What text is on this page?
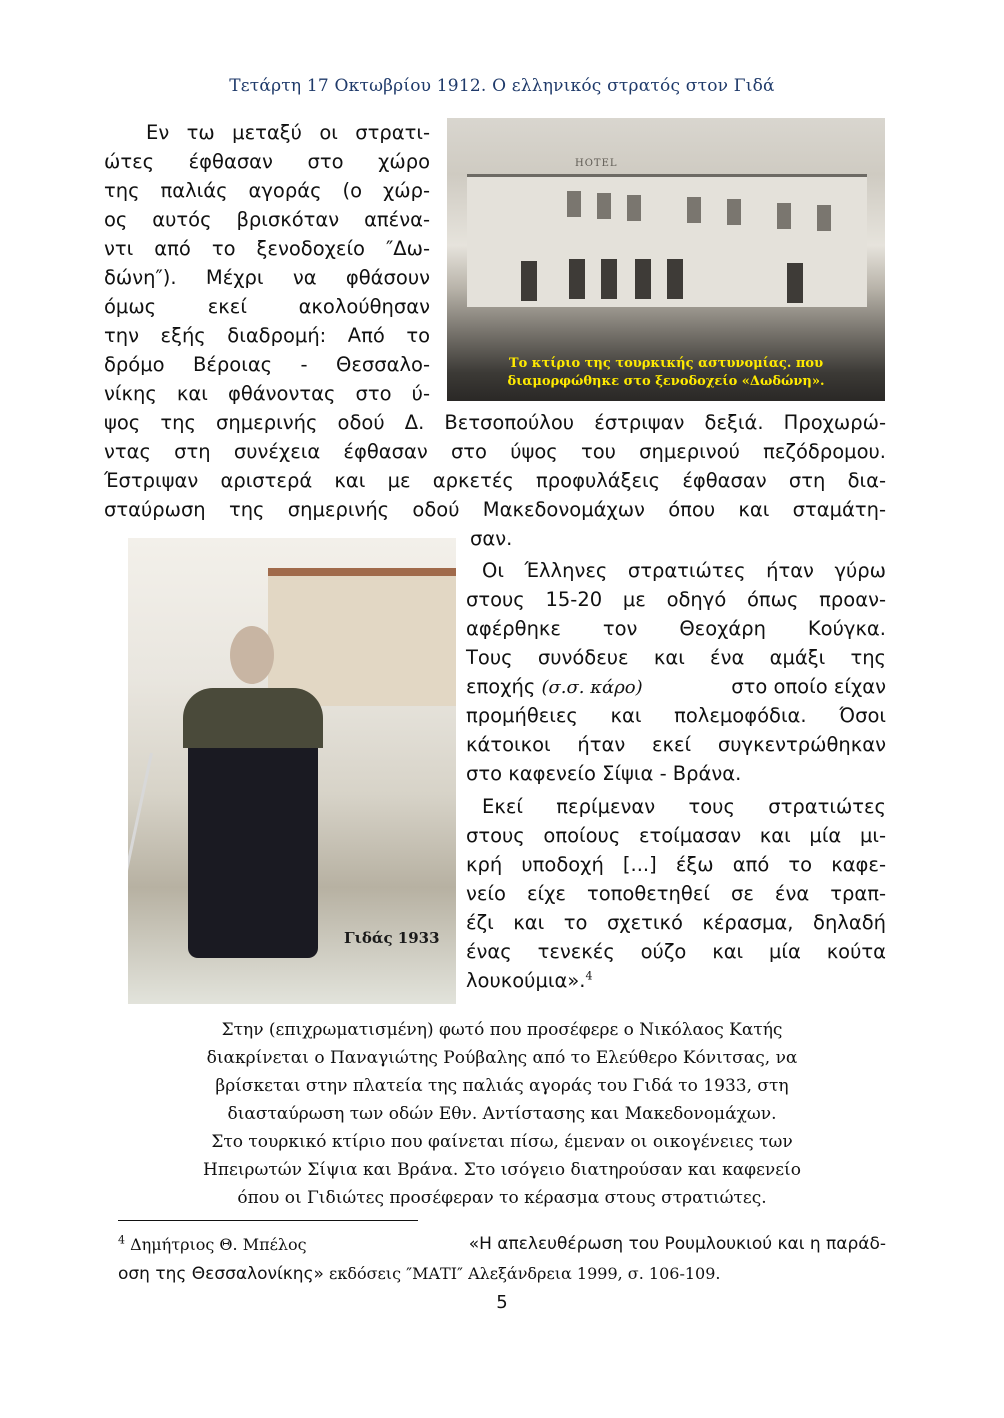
Τετάρτη 17 Οκτωβρίου 1912. Ο ελληνικός στρατός στον Γιδά
Εν τω μεταξύ οι στρατι-
ώτες έφθασαν στο χώρο
της παλιάς αγοράς (ο χώρ-
ος αυτός βρισκόταν απένα-
ντι από το ξενοδοχείο ″Δω-
δώνη″). Μέχρι να φθάσουν
όμως εκεί ακολούθησαν
την εξής διαδρομή: Από το
δρόμο Βέροιας - Θεσσαλο-
νίκης και φθάνοντας στο ύ-
HOTEL
Το κτίριο της τουρκικής αστυνομίας. που
διαμορφώθηκε στο ξενοδοχείο «Δωδώνη».
ψος της σημερινής οδού Δ. Βετσοπούλου έστριψαν δεξιά. Προχωρώ-
ντας στη συνέχεια έφθασαν στο ύψος του σημερινού πεζόδρομου.
Έστριψαν αριστερά και με αρκετές προφυλάξεις έφθασαν στη δια-
σταύρωση της σημερινής οδού Μακεδονομάχων όπου και σταμάτη-
σαν.
Γιδάς 1933
Οι Έλληνες στρατιώτες ήταν γύρω
στους 15-20 με οδηγό όπως προαν-
αφέρθηκε τον Θεοχάρη Κούγκα.
Τους συνόδευε και ένα αμάξι της
εποχής (σ.σ. κάρο)	στο οποίο είχαν
προμήθειες και πολεμοφόδια. Όσοι
κάτοικοι ήταν εκεί συγκεντρώθηκαν
στο καφενείο Σίψια - Βράνα.
Εκεί περίμεναν τους στρατιώτες
στους οποίους ετοίμασαν και μία μι-
κρή υποδοχή [...] έξω από το καφε-
νείο είχε τοποθετηθεί σε ένα τραπ-
έζι και το σχετικό κέρασμα, δηλαδή
ένας τενεκές ούζο και μία κούτα
λουκούμια».$^4$
Στην (επιχρωματισμένη) φωτό που προσέφερε ο Νικόλαος Κατής
διακρίνεται ο Παναγιώτης Ρούβαλης από το Ελεύθερο Κόνιτσας, να
βρίσκεται στην πλατεία της παλιάς αγοράς του Γιδά το 1933, στη
διασταύρωση των οδών Εθν. Αντίστασης και Μακεδονομάχων.
Στο τουρκικό κτίριο που φαίνεται πίσω, έμεναν οι οικογένειες των
Ηπειρωτών Σίψια και Βράνα. Στο ισόγειο διατηρούσαν και καφενείο
όπου οι Γιδιώτες προσέφεραν το κέρασμα στους στρατιώτες.
$^4$ Δημήτριος Θ. Μπέλος	«Η απελευθέρωση του Ρουμλουκιού και η παράδ-
οση της Θεσσαλονίκης» εκδόσεις ″ΜΑΤΙ″ Αλεξάνδρεια 1999, σ. 106-109.
5
